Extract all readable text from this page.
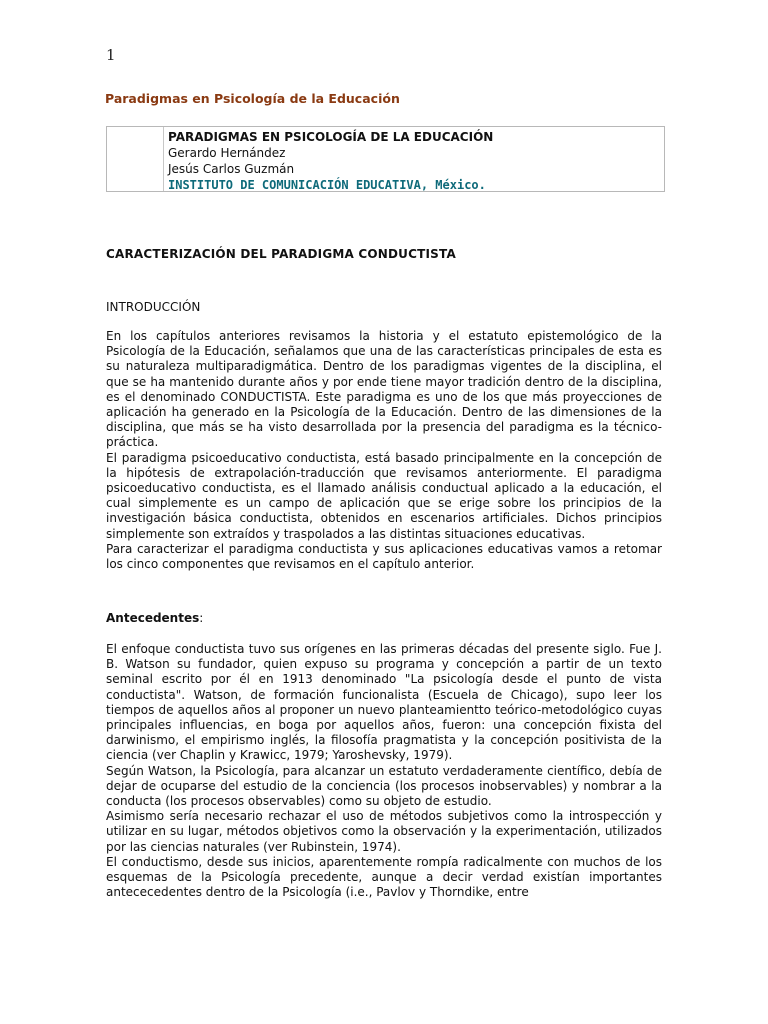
1
Paradigmas en Psicología de la Educación
PARADIGMAS EN PSICOLOGÍA DE LA EDUCACIÓN
Gerardo Hernández
Jesús Carlos Guzmán
INSTITUTO DE COMUNICACIÓN EDUCATIVA, México.
CARACTERIZACIÓN DEL PARADIGMA CONDUCTISTA
INTRODUCCIÓN

En los capítulos anteriores revisamos la historia y el estatuto epistemológico de la Psicología de la Educación, señalamos que una de las características principales de esta es su naturaleza multiparadigmática. Dentro de los paradigmas vigentes de la disciplina, el que se ha mantenido durante años y por ende tiene mayor tradición dentro de la disciplina, es el denominado CONDUCTISTA. Este paradigma es uno de los que más proyecciones de aplicación ha generado en la Psicología de la Educación. Dentro de las dimensiones de la disciplina, que más se ha visto desarrollada por la presencia del paradigma es la técnico-práctica.

El paradigma psicoeducativo conductista, está basado principalmente en la concepción de la hipótesis de extrapolación-traducción que revisamos anteriormente. El paradigma psicoeducativo conductista, es el llamado análisis conductual aplicado a la educación, el cual simplemente es un campo de aplicación que se erige sobre los principios de la investigación básica conductista, obtenidos en escenarios artificiales. Dichos principios simplemente son extraídos y traspolados a las distintas situaciones educativas.

Para caracterizar el paradigma conductista y sus aplicaciones educativas vamos a retomar los cinco componentes que revisamos en el capítulo anterior.

Antecedentes:

El enfoque conductista tuvo sus orígenes en las primeras décadas del presente siglo. Fue J. B. Watson su fundador, quien expuso su programa y concepción a partir de un texto seminal escrito por él en 1913 denominado "La psicología desde el punto de vista conductista". Watson, de formación funcionalista (Escuela de Chicago), supo leer los tiempos de aquellos años al proponer un nuevo planteamientto teórico-metodológico cuyas principales influencias, en boga por aquellos años, fueron: una concepción fixista del darwinismo, el empirismo inglés, la filosofía pragmatista y la concepción positivista de la ciencia (ver Chaplin y Krawicc, 1979; Yaroshevsky, 1979).

Según Watson, la Psicología, para alcanzar un estatuto verdaderamente científico, debía de dejar de ocuparse del estudio de la conciencia (los procesos inobservables) y nombrar a la conducta (los procesos observables) como su objeto de estudio.

Asimismo sería necesario rechazar el uso de métodos subjetivos como la introspección y utilizar en su lugar, métodos objetivos como la observación y la experimentación, utilizados por las ciencias naturales (ver Rubinstein, 1974).

El conductismo, desde sus inicios, aparentemente rompía radicalmente con muchos de los esquemas de la Psicología precedente, aunque a decir verdad existían importantes antececedentes dentro de la Psicología (i.e., Pavlov y Thorndike, entre
